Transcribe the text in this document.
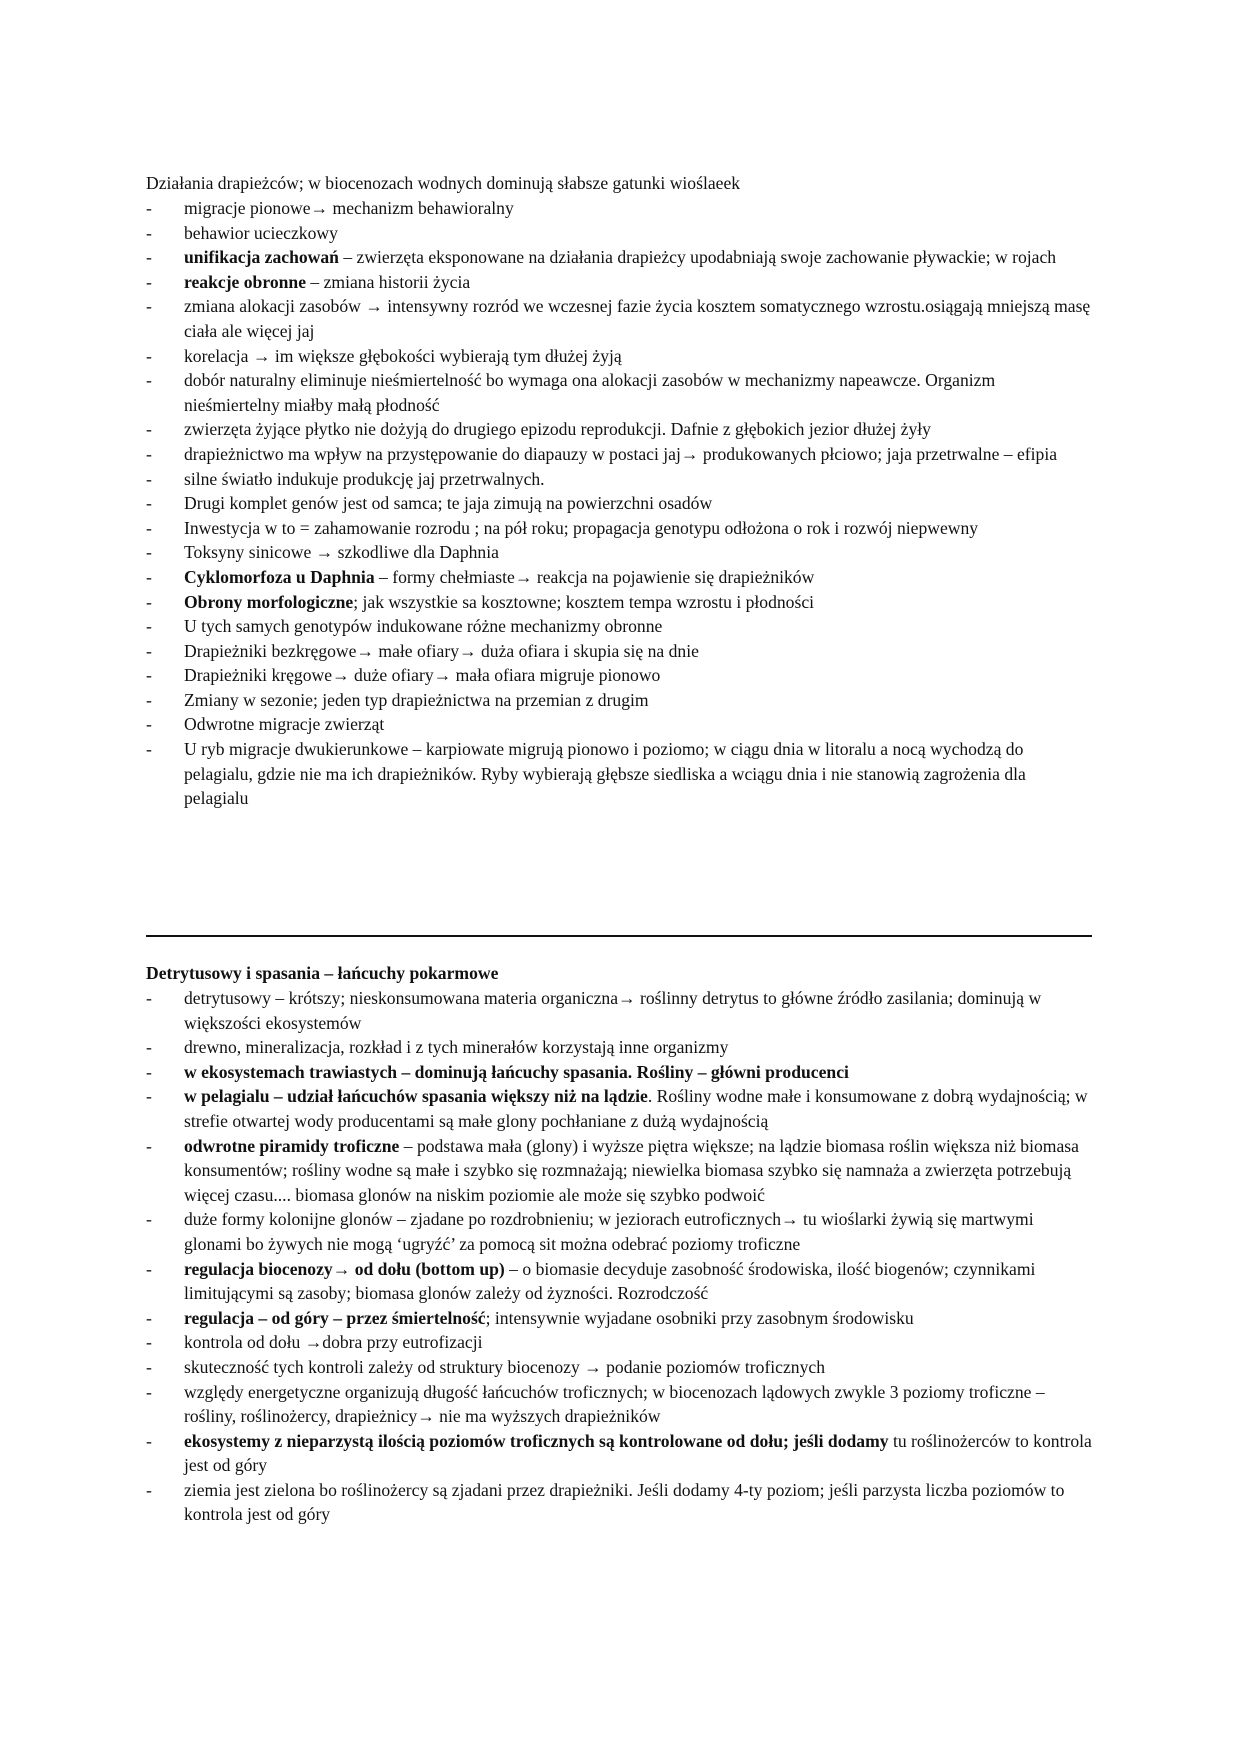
Działania drapieżców; w biocenozach wodnych dominują słabsze gatunki wioślaeek
- migracje pionowe→ mechanizm behawioralny
- behawior ucieczkowy
- unifikacja zachowań – zwierzęta eksponowane na działania drapieżcy upodabniają swoje zachowanie pływackie; w rojach
- reakcje obronne – zmiana historii życia
- zmiana alokacji zasobów → intensywny rozród we wczesnej fazie życia kosztem somatycznego wzrostu.osiągają mniejszą masę ciała ale więcej jaj
- korelacja → im większe głębokości wybierają tym dłużej żyją
- dobór naturalny eliminuje nieśmiertelność bo wymaga ona alokacji zasobów w mechanizmy napeawcze. Organizm nieśmiertelny miałby małą płodność
- zwierzęta żyjące płytko nie dożyją do drugiego epizodu reprodukcji. Dafnie z głębokich jezior dłużej żyły
- drapieżnictwo ma wpływ na przystępowanie do diapauzy w postaci jaj→ produkowanych płciowo; jaja przetrwalne – efipia
- silne światło indukuje produkcję jaj przetrwalnych.
- Drugi komplet genów jest od samca; te jaja zimują na powierzchni osadów
- Inwestycja w to = zahamowanie rozrodu ; na pół roku; propagacja genotypu odłożona o rok i rozwój niepwewny
- Toksyny sinicowe → szkodliwe dla Daphnia
- Cyklomorfoza u Daphnia – formy chełmiaste→ reakcja na pojawienie się drapieżników
- Obrony morfologiczne; jak wszystkie sa kosztowne; kosztem tempa wzrostu i płodności
- U tych samych genotypów indukowane różne mechanizmy obronne
- Drapieżniki bezkręgowe→ małe ofiary→ duża ofiara i skupia się na dnie
- Drapieżniki kręgowe→ duże ofiary→ mała ofiara migruje pionowo
- Zmiany w sezonie; jeden typ drapieżnictwa na przemian z drugim
- Odwrotne migracje zwierząt
- U ryb migracje dwukierunkowe – karpiowate migrują pionowo i poziomo; w ciągu dnia w litoralu a nocą wychodzą do pelagialu, gdzie nie ma ich drapieżników. Ryby wybierają głębsze siedliska a wciągu dnia i nie stanowią zagrożenia dla pelagialu
Detrytusowy i spasania – łańcuchy pokarmowe
- detrytusowy – krótszy; nieskonsumowana materia organiczna→ roślinny detrytus to główne źródło zasilania; dominują w większości ekosystemów
- drewno, mineralizacja, rozkład i z tych minerałów korzystają inne organizmy
- w ekosystemach trawiastych – dominują łańcuchy spasania. Rośliny – główni producenci
- w pelagialu – udział łańcuchów spasania większy niż na lądzie. Rośliny wodne małe i konsumowane z dobrą wydajnością; w strefie otwartej wody producentami są małe glony pochłaniane z dużą wydajnością
- odwrotne piramidy troficzne – podstawa mała (glony) i wyższe piętra większe; na lądzie biomasa roślin większa niż biomasa konsumentów; rośliny wodne są małe i szybko się rozmnażają; niewielka biomasa szybko się namnaża a zwierzęta potrzebują więcej czasu.... biomasa glonów na niskim poziomie ale może się szybko podwoić
- duże formy kolonijne glonów – zjadane po rozdrobnieniu; w jeziorach eutroficznych→ tu wioślarki żywią się martwymi glonami bo żywych nie mogą ‘ugryźć’ za pomocą sit można odebrać poziomy troficzne
- regulacja biocenozy→ od dołu (bottom up) – o biomasie decyduje zasobność środowiska, ilość biogenów; czynnikami limitującymi są zasoby; biomasa glonów zależy od żyzności. Rozrodczość
- regulacja – od góry – przez śmiertelność; intensywnie wyjadane osobniki przy zasobnym środowisku
- kontrola od dołu →dobra przy eutrofizacji
- skuteczność tych kontroli zależy od struktury biocenozy → podanie poziomów troficznych
- względy energetyczne organizują długość łańcuchów troficznych; w biocenozach lądowych zwykle 3 poziomy troficzne – rośliny, roślinożercy, drapieżnicy→ nie ma wyższych drapieżników
- ekosystemy z nieparzystą ilością poziomów troficznych są kontrolowane od dołu; jeśli dodamy tu roślinożerców to kontrola jest od góry
- ziemia jest zielona bo roślinożercy są zjadani przez drapieżniki. Jeśli dodamy 4-ty poziom; jeśli parzysta liczba poziomów to kontrola jest od góry
